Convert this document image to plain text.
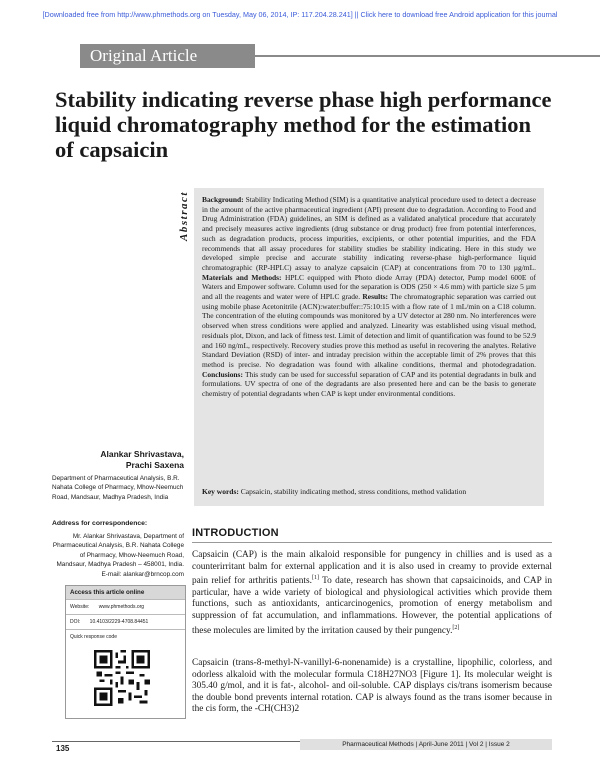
[Downloaded free from http://www.phmethods.org on Tuesday, May 06, 2014, IP: 117.204.28.241] || Click here to download free Android application for this journal
Original Article
Stability indicating reverse phase high performance liquid chromatography method for the estimation of capsaicin
Abstract Background: Stability Indicating Method (SIM) is a quantitative analytical procedure used to detect a decrease in the amount of the active pharmaceutical ingredient (API) present due to degradation. According to Food and Drug Administration (FDA) guidelines, an SIM is defined as a validated analytical procedure that accurately and precisely measures active ingredients (drug substance or drug product) free from potential interferences, such as degradation products, process impurities, excipients, or other potential impurities, and the FDA recommends that all assay procedures for stability studies be stability indicating. Here in this study we developed simple precise and accurate stability indicating reverse-phase high-performance liquid chromatographic (RP-HPLC) assay to analyze capsaicin (CAP) at concentrations from 70 to 130 µg/mL. Materials and Methods: HPLC equipped with Photo diode Array (PDA) detector, Pump model 600E of Waters and Empower software. Column used for the separation is ODS (250 × 4.6 mm) with particle size 5 µm and all the reagents and water were of HPLC grade. Results: The chromatographic separation was carried out using mobile phase Acetonitrile (ACN):water:buffer::75:10:15 with a flow rate of 1 mL/min on a C18 column. The concentration of the eluting compounds was monitored by a UV detector at 280 nm. No interferences were observed when stress conditions were applied and analyzed. Linearity was established using visual method, residuals plot, Dixon, and lack of fitness test. Limit of detection and limit of quantification was found to be 52.9 and 160 ng/mL, respectively. Recovery studies prove this method as useful in recovering the analytes. Relative Standard Deviation (RSD) of inter- and intraday precision within the acceptable limit of 2% proves that this method is precise. No degradation was found with alkaline conditions, thermal and photodegradation. Conclusions: This study can be used for successful separation of CAP and its potential degradants in bulk and formulations. UV spectra of one of the degradants are also presented here and can be the basis to generate chemistry of potential degradants when CAP is kept under environmental conditions.
Key words: Capsaicin, stability indicating method, stress conditions, method validation
Alankar Shrivastava,
Prachi Saxena
Department of Pharmaceutical Analysis, B.R. Nahata College of Pharmacy, Mhow-Neemuch Road, Mandsaur, Madhya Pradesh, India
Address for correspondence:
Mr. Alankar Shrivastava, Department of Pharmaceutical Analysis, B.R. Nahata College of Pharmacy, Mhow-Neemuch Road, Mandsaur, Madhya Pradesh – 458001, India. E-mail: alankar@brncop.com
Access this article online
Website: www.phmethods.org
DOI: 10.4103/2229-4708.84451
Quick response code
INTRODUCTION
Capsaicin (CAP) is the main alkaloid responsible for pungency in chillies and is used as a counterirritant balm for external application and it is also used in creamy to provide external pain relief for arthritis patients.[1] To date, research has shown that capsaicinoids, and CAP in particular, have a wide variety of biological and physiological activities which provide them functions, such as antioxidants, anticarcinogenics, promotion of energy metabolism and suppression of fat accumulation, and inflammations. However, the potential applications of these molecules are limited by the irritation caused by their pungency.[2]
Capsaicin (trans-8-methyl-N-vanillyl-6-nonenamide) is a crystalline, lipophilic, colorless, and odorless alkaloid with the molecular formula C18H27NO3 [Figure 1]. Its molecular weight is 305.40 g/mol, and it is fat-, alcohol- and oil-soluble. CAP displays cis/trans isomerism because the double bond prevents internal rotation. CAP is always found as the trans isomer because in the cis form, the -CH(CH3)2
135	Pharmaceutical Methods | April-June 2011 | Vol 2 | Issue 2
